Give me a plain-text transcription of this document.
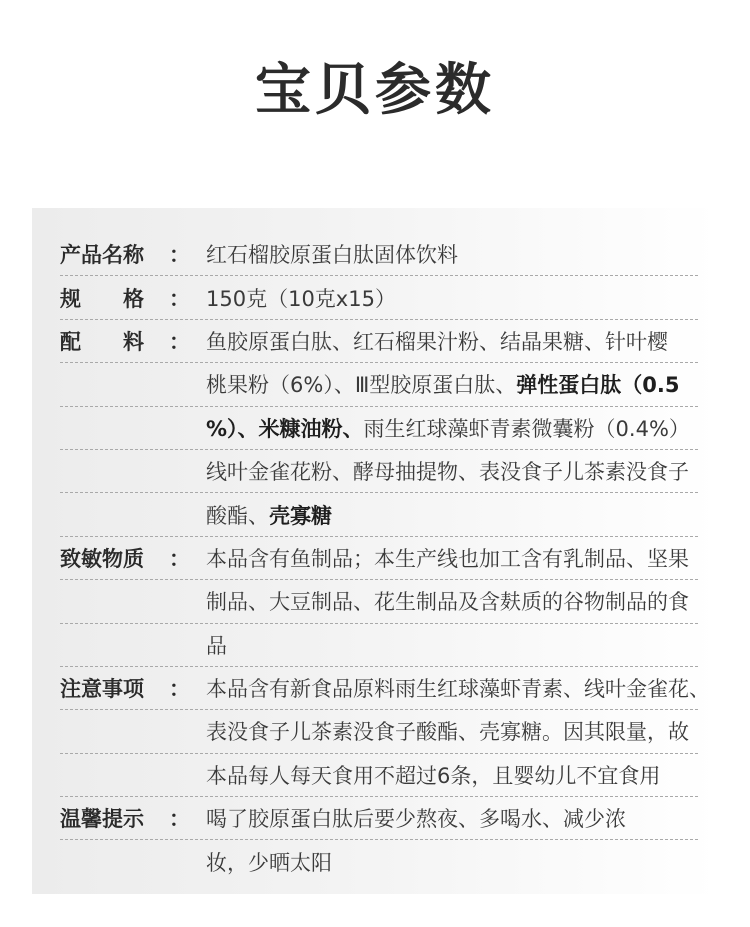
宝贝参数
产品名称 ： 红石榴胶原蛋白肽固体饮料
规　　格 ： 150克（10克x15）
配　　料 ： 鱼胶原蛋白肽、红石榴果汁粉、结晶果糖、针叶樱
桃果粉（6%）、Ⅲ型胶原蛋白肽、弹性蛋白肽（0.5
%）、米糠油粉、雨生红球藻虾青素微囊粉（0.4%）
线叶金雀花粉、酵母抽提物、表没食子儿茶素没食子
酸酯、壳寡糖
致敏物质 ： 本品含有鱼制品；本生产线也加工含有乳制品、坚果
制品、大豆制品、花生制品及含麸质的谷物制品的食
品
注意事项 ： 本品含有新食品原料雨生红球藻虾青素、线叶金雀花、
表没食子儿茶素没食子酸酯、壳寡糖。因其限量，故
本品每人每天食用不超过6条，且婴幼儿不宜食用
温馨提示 ： 喝了胶原蛋白肽后要少熬夜、多喝水、减少浓
妆，少晒太阳
